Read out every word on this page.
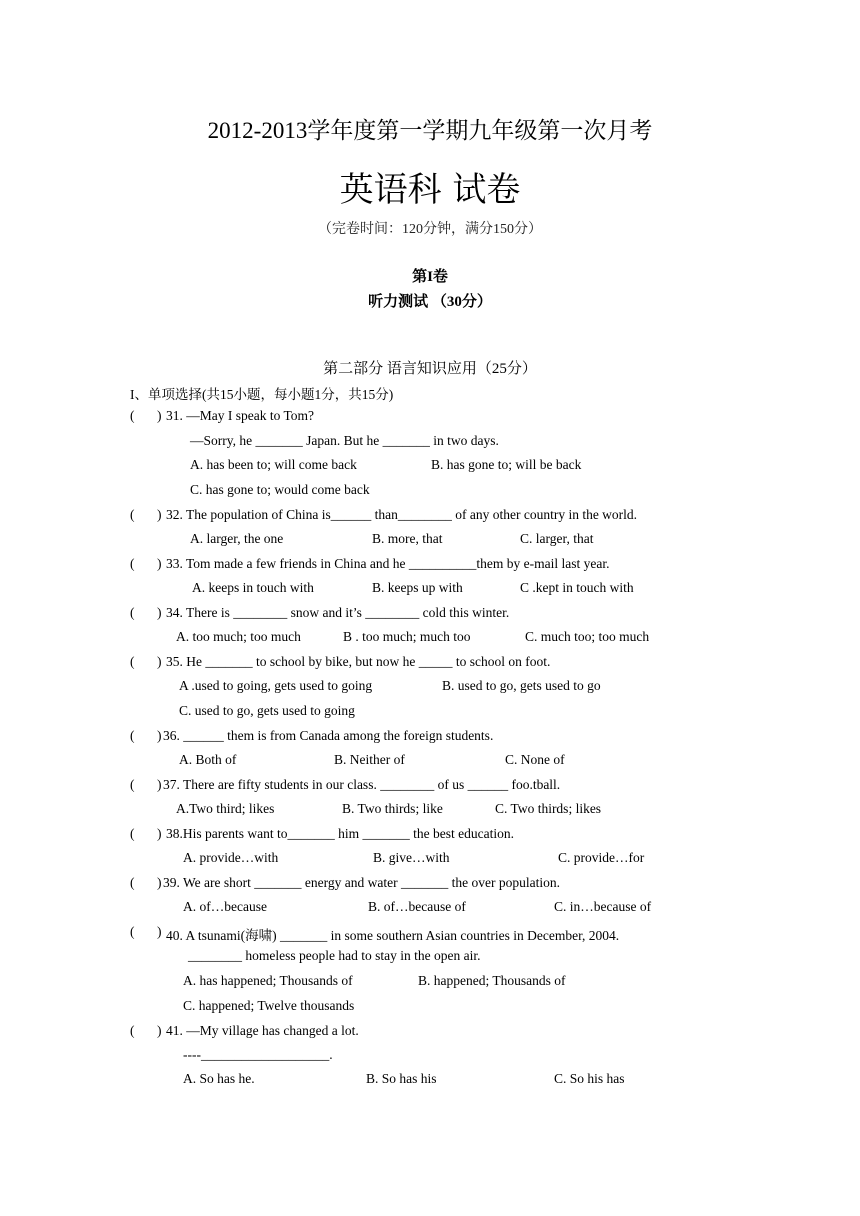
2012-2013学年度第一学期九年级第一次月考
英语科 试卷
（完卷时间：120分钟，满分150分）
第I卷
听力测试 （30分）
第二部分 语言知识应用（25分）
I、单项选择(共15小题，每小题1分，共15分)
( ) 31. —May I speak to Tom?
—Sorry, he _______ Japan. But he _______ in two days.
A. has been to; will come back	B. has gone to; will be back
C. has gone to; would come back
( ) 32. The population of China is______ than________ of any other country in the world.
A. larger, the one	B. more, that	C. larger, that
( ) 33. Tom made a few friends in China and he __________them by e-mail last year.
A. keeps in touch with	B. keeps up with	C .kept in touch with
( ) 34. There is ________ snow and it’s ________ cold this winter.
A. too much; too much	B . too much; much too	C. much too; too much
( ) 35. He _______ to school by bike, but now he _____ to school on foot.
A .used to going, gets used to going	B. used to go, gets used to go
C. used to go, gets used to going
( ) 36. ______ them is from Canada among the foreign students.
A. Both of	B. Neither of	C. None of
( ) 37. There are fifty students in our class. ________ of us ______ foo.tball.
A.Two third; likes	B. Two thirds; like	C. Two thirds; likes
( ) 38.His parents want to_______ him _______ the best education.
A. provide…with	B. give…with	C. provide…for
( ) 39. We are short _______ energy and water _______ the over population.
A. of…because	B. of…because of	C. in…because of
( ) 40. A tsunami(海啸) _______ in some southern Asian countries in December, 2004.
________ homeless people had to stay in the open air.
A. has happened; Thousands of	B. happened; Thousands of
C. happened; Twelve thousands
( ) 41. —My village has changed a lot.
----___________________.
A. So has he.	B. So has his	C. So his has
